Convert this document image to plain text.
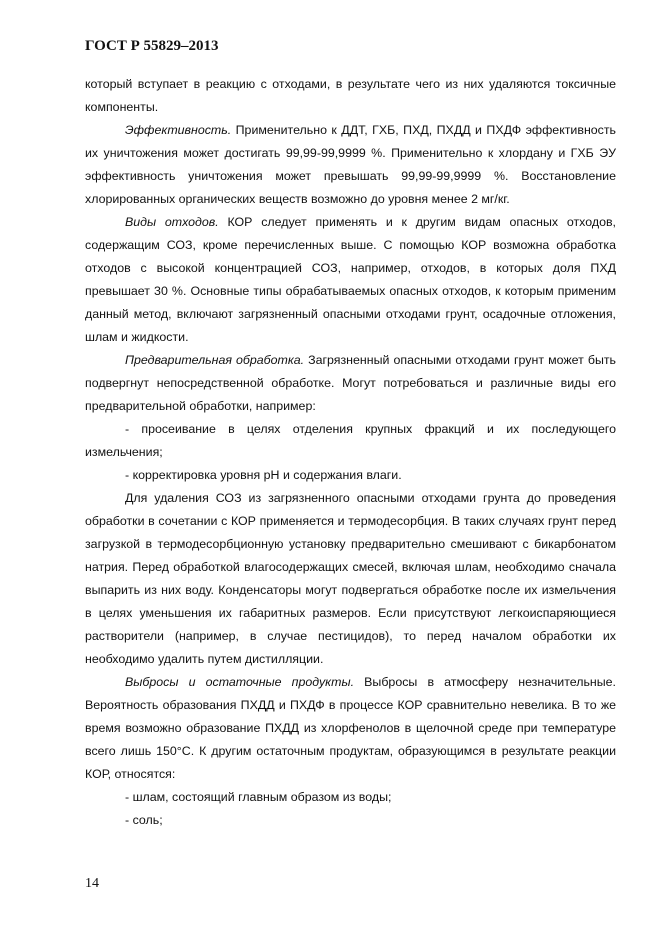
ГОСТ Р 55829–2013

который вступает в реакцию с отходами, в результате чего из них удаляются токсичные компоненты.

Эффективность. Применительно к ДДТ, ГХБ, ПХД, ПХДД и ПХДФ эффективность их уничтожения может достигать 99,99-99,9999 %. Применительно к хлордану и ГХБ ЭУ эффективность уничтожения может превышать 99,99-99,9999 %. Восстановление хлорированных органических веществ возможно до уровня менее 2 мг/кг.

Виды отходов. КОР следует применять и к другим видам опасных отходов, содержащим СОЗ, кроме перечисленных выше. С помощью КОР возможна обработка отходов с высокой концентрацией СОЗ, например, отходов, в которых доля ПХД превышает 30 %. Основные типы обрабатываемых опасных отходов, к которым применим данный метод, включают загрязненный опасными отходами грунт, осадочные отложения, шлам и жидкости.

Предварительная обработка. Загрязненный опасными отходами грунт может быть подвергнут непосредственной обработке. Могут потребоваться и различные виды его предварительной обработки, например:

- просеивание в целях отделения крупных фракций и их последующего измельчения;

- корректировка уровня pH и содержания влаги.

Для удаления СОЗ из загрязненного опасными отходами грунта до проведения обработки в сочетании с КОР применяется и термодесорбция. В таких случаях грунт перед загрузкой в термодесорбционную установку предварительно смешивают с бикарбонатом натрия. Перед обработкой влагосодержащих смесей, включая шлам, необходимо сначала выпарить из них воду. Конденсаторы могут подвергаться обработке после их измельчения в целях уменьшения их габаритных размеров. Если присутствуют легкоиспаряющиеся растворители (например, в случае пестицидов), то перед началом обработки их необходимо удалить путем дистилляции.

Выбросы и остаточные продукты. Выбросы в атмосферу незначительные. Вероятность образования ПХДД и ПХДФ в процессе КОР сравнительно невелика. В то же время возможно образование ПХДД из хлорфенолов в щелочной среде при температуре всего лишь 150°С. К другим остаточным продуктам, образующимся в результате реакции КОР, относятся:

- шлам, состоящий главным образом из воды;

- соль;

14
